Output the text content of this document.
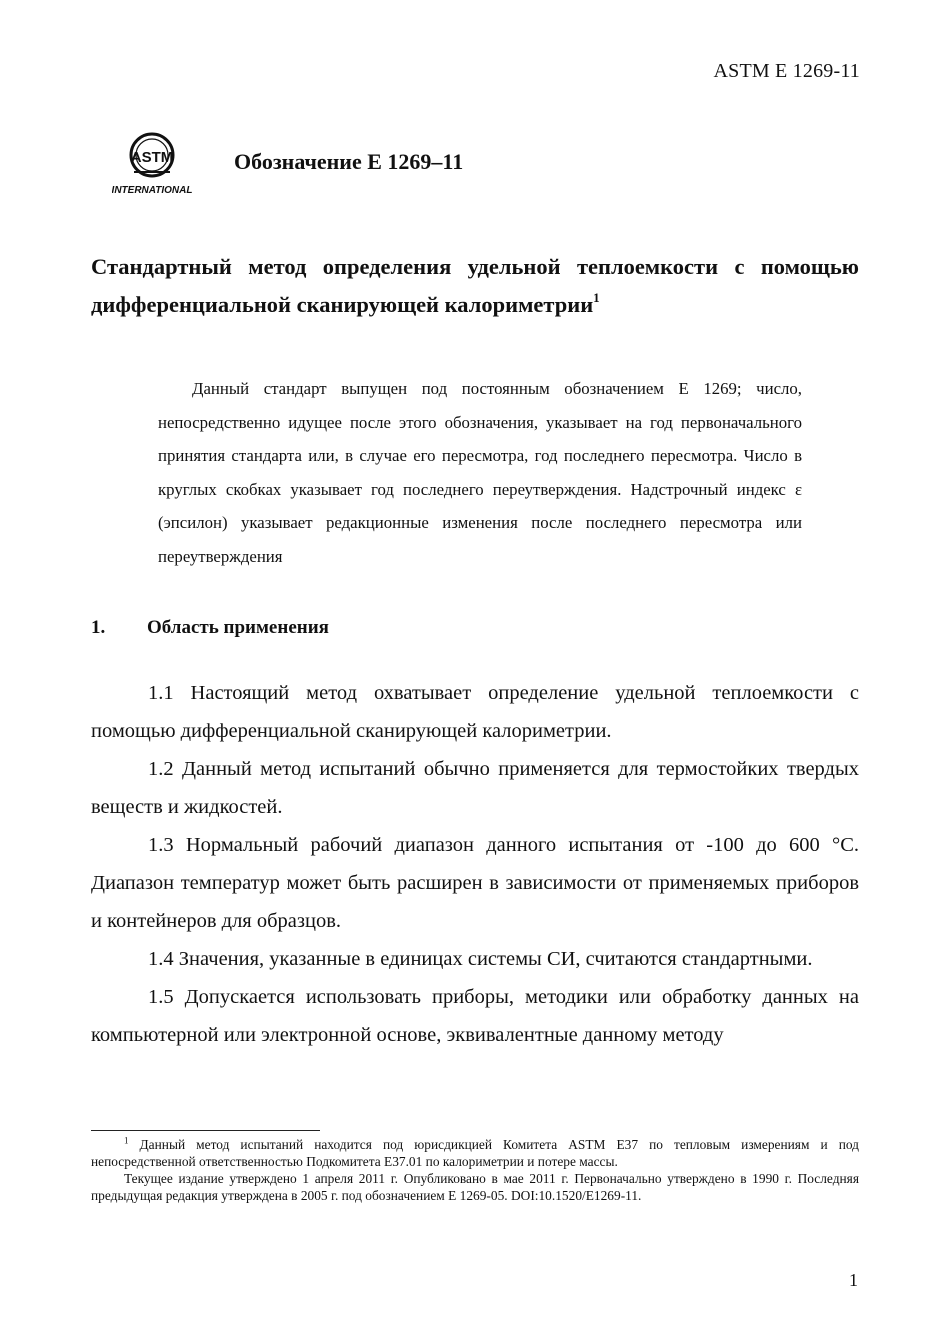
ASTM E 1269-11
ASTM
INTERNATIONAL
Обозначение E 1269–11
Стандартный метод определения удельной теплоемкости с помощью дифференциальной сканирующей калориметрии$^1$

Данный стандарт выпущен под постоянным обозначением E 1269; число, непосредственно идущее после этого обозначения, указывает на год первоначального принятия стандарта или, в случае его пересмотра, год последнего пересмотра. Число в круглых скобках указывает год последнего переутверждения. Надстрочный индекс ε (эпсилон) указывает редакционные изменения после последнего пересмотра или переутверждения

1. Область применения

1.1 Настоящий метод охватывает определение удельной теплоемкости с помощью дифференциальной сканирующей калориметрии.

1.2 Данный метод испытаний обычно применяется для термостойких твердых веществ и жидкостей.

1.3 Нормальный рабочий диапазон данного испытания от -100 до 600 °C. Диапазон температур может быть расширен в зависимости от применяемых приборов и контейнеров для образцов.

1.4 Значения, указанные в единицах системы СИ, считаются стандартными.

1.5 Допускается использовать приборы, методики или обработку данных на компьютерной или электронной основе, эквивалентные данному методу

$^1$ Данный метод испытаний находится под юрисдикцией Комитета ASTM E37 по тепловым измерениям и под непосредственной ответственностью Подкомитета E37.01 по калориметрии и потере массы.

Текущее издание утверждено 1 апреля 2011 г. Опубликовано в мае 2011 г. Первоначально утверждено в 1990 г. Последняя предыдущая редакция утверждена в 2005 г. под обозначением E 1269-05. DOI:10.1520/E1269-11.

1
